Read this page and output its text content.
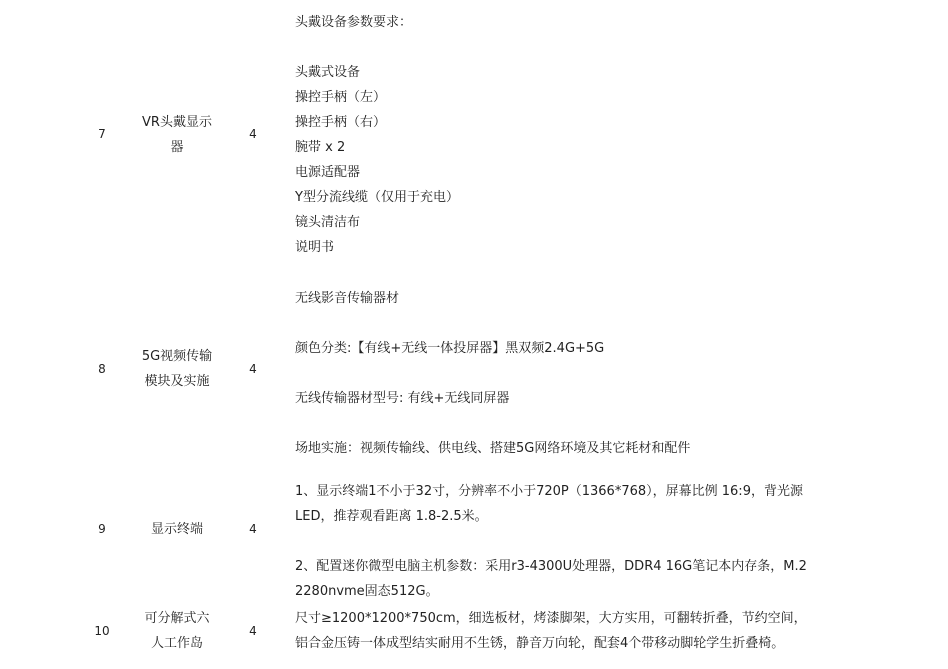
7
VR头戴显示
器
4
头戴设备参数要求：
头戴式设备
操控手柄（左）
操控手柄（右）
腕带 x 2
电源适配器
Y型分流线缆（仅用于充电）
镜头清洁布
说明书
8
5G视频传输
模块及实施
4
无线影音传输器材
颜色分类:【有线+无线一体投屏器】黑双频2.4G+5G
无线传输器材型号: 有线+无线同屏器
场地实施：视频传输线、供电线、搭建5G网络环境及其它耗材和配件
9	显示终端	4
1、显示终端1不小于32寸，分辨率不小于720P（1366*768），屏幕比例 16:9，背光源
LED，推荐观看距离 1.8-2.5米。
2、配置迷你微型电脑主机参数：采用r3-4300U处理器，DDR4 16G笔记本内存条，M.2
2280nvme固态512G。
10
可分解式六
人工作岛
4
尺寸≥1200*1200*750cm，细选板材，烤漆脚架，大方实用，可翻转折叠，节约空间，
铝合金压铸一体成型结实耐用不生锈，静音万向轮，配套4个带移动脚轮学生折叠椅。
